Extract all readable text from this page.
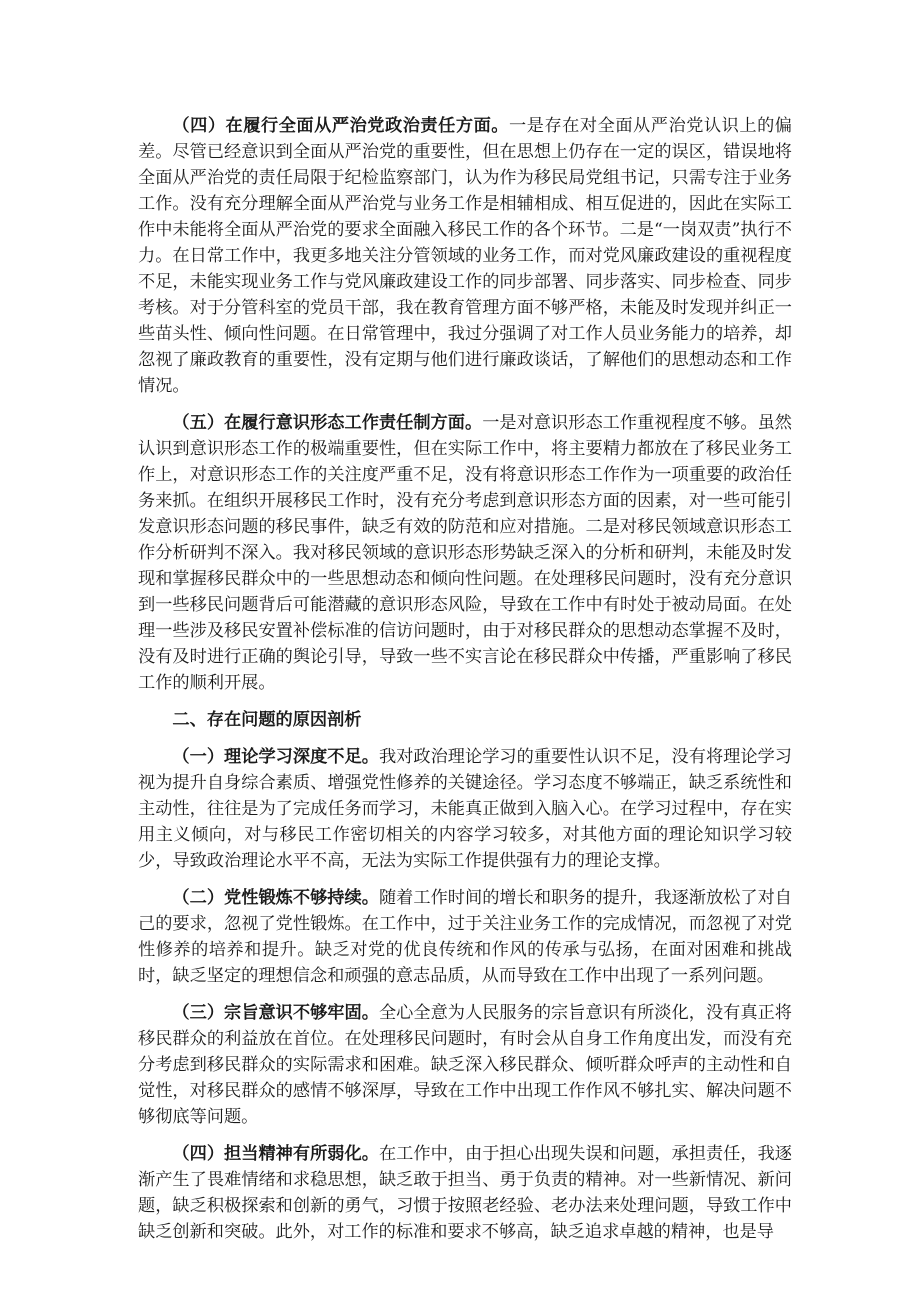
（四）在履行全面从严治党政治责任方面。一是存在对全面从严治党认识上的偏差。尽管已经意识到全面从严治党的重要性，但在思想上仍存在一定的误区，错误地将全面从严治党的责任局限于纪检监察部门，认为作为移民局党组书记，只需专注于业务工作。没有充分理解全面从严治党与业务工作是相辅相成、相互促进的，因此在实际工作中未能将全面从严治党的要求全面融入移民工作的各个环节。二是“一岗双责”执行不力。在日常工作中，我更多地关注分管领域的业务工作，而对党风廉政建设的重视程度不足，未能实现业务工作与党风廉政建设工作的同步部署、同步落实、同步检查、同步考核。对于分管科室的党员干部，我在教育管理方面不够严格，未能及时发现并纠正一些苗头性、倾向性问题。在日常管理中，我过分强调了对工作人员业务能力的培养，却忽视了廉政教育的重要性，没有定期与他们进行廉政谈话，了解他们的思想动态和工作情况。

（五）在履行意识形态工作责任制方面。一是对意识形态工作重视程度不够。虽然认识到意识形态工作的极端重要性，但在实际工作中，将主要精力都放在了移民业务工作上，对意识形态工作的关注度严重不足，没有将意识形态工作作为一项重要的政治任务来抓。在组织开展移民工作时，没有充分考虑到意识形态方面的因素，对一些可能引发意识形态问题的移民事件，缺乏有效的防范和应对措施。二是对移民领域意识形态工作分析研判不深入。我对移民领域的意识形态形势缺乏深入的分析和研判，未能及时发现和掌握移民群众中的一些思想动态和倾向性问题。在处理移民问题时，没有充分意识到一些移民问题背后可能潜藏的意识形态风险，导致在工作中有时处于被动局面。在处理一些涉及移民安置补偿标准的信访问题时，由于对移民群众的思想动态掌握不及时，没有及时进行正确的舆论引导，导致一些不实言论在移民群众中传播，严重影响了移民工作的顺利开展。

二、存在问题的原因剖析

（一）理论学习深度不足。我对政治理论学习的重要性认识不足，没有将理论学习视为提升自身综合素质、增强党性修养的关键途径。学习态度不够端正，缺乏系统性和主动性，往往是为了完成任务而学习，未能真正做到入脑入心。在学习过程中，存在实用主义倾向，对与移民工作密切相关的内容学习较多，对其他方面的理论知识学习较少，导致政治理论水平不高，无法为实际工作提供强有力的理论支撑。

（二）党性锻炼不够持续。随着工作时间的增长和职务的提升，我逐渐放松了对自己的要求，忽视了党性锻炼。在工作中，过于关注业务工作的完成情况，而忽视了对党性修养的培养和提升。缺乏对党的优良传统和作风的传承与弘扬，在面对困难和挑战时，缺乏坚定的理想信念和顽强的意志品质，从而导致在工作中出现了一系列问题。

（三）宗旨意识不够牢固。全心全意为人民服务的宗旨意识有所淡化，没有真正将移民群众的利益放在首位。在处理移民问题时，有时会从自身工作角度出发，而没有充分考虑到移民群众的实际需求和困难。缺乏深入移民群众、倾听群众呼声的主动性和自觉性，对移民群众的感情不够深厚，导致在工作中出现工作作风不够扎实、解决问题不够彻底等问题。

（四）担当精神有所弱化。在工作中，由于担心出现失误和问题，承担责任，我逐渐产生了畏难情绪和求稳思想，缺乏敢于担当、勇于负责的精神。对一些新情况、新问题，缺乏积极探索和创新的勇气，习惯于按照老经验、老办法来处理问题，导致工作中缺乏创新和突破。此外，对工作的标准和要求不够高，缺乏追求卓越的精神，也是导
